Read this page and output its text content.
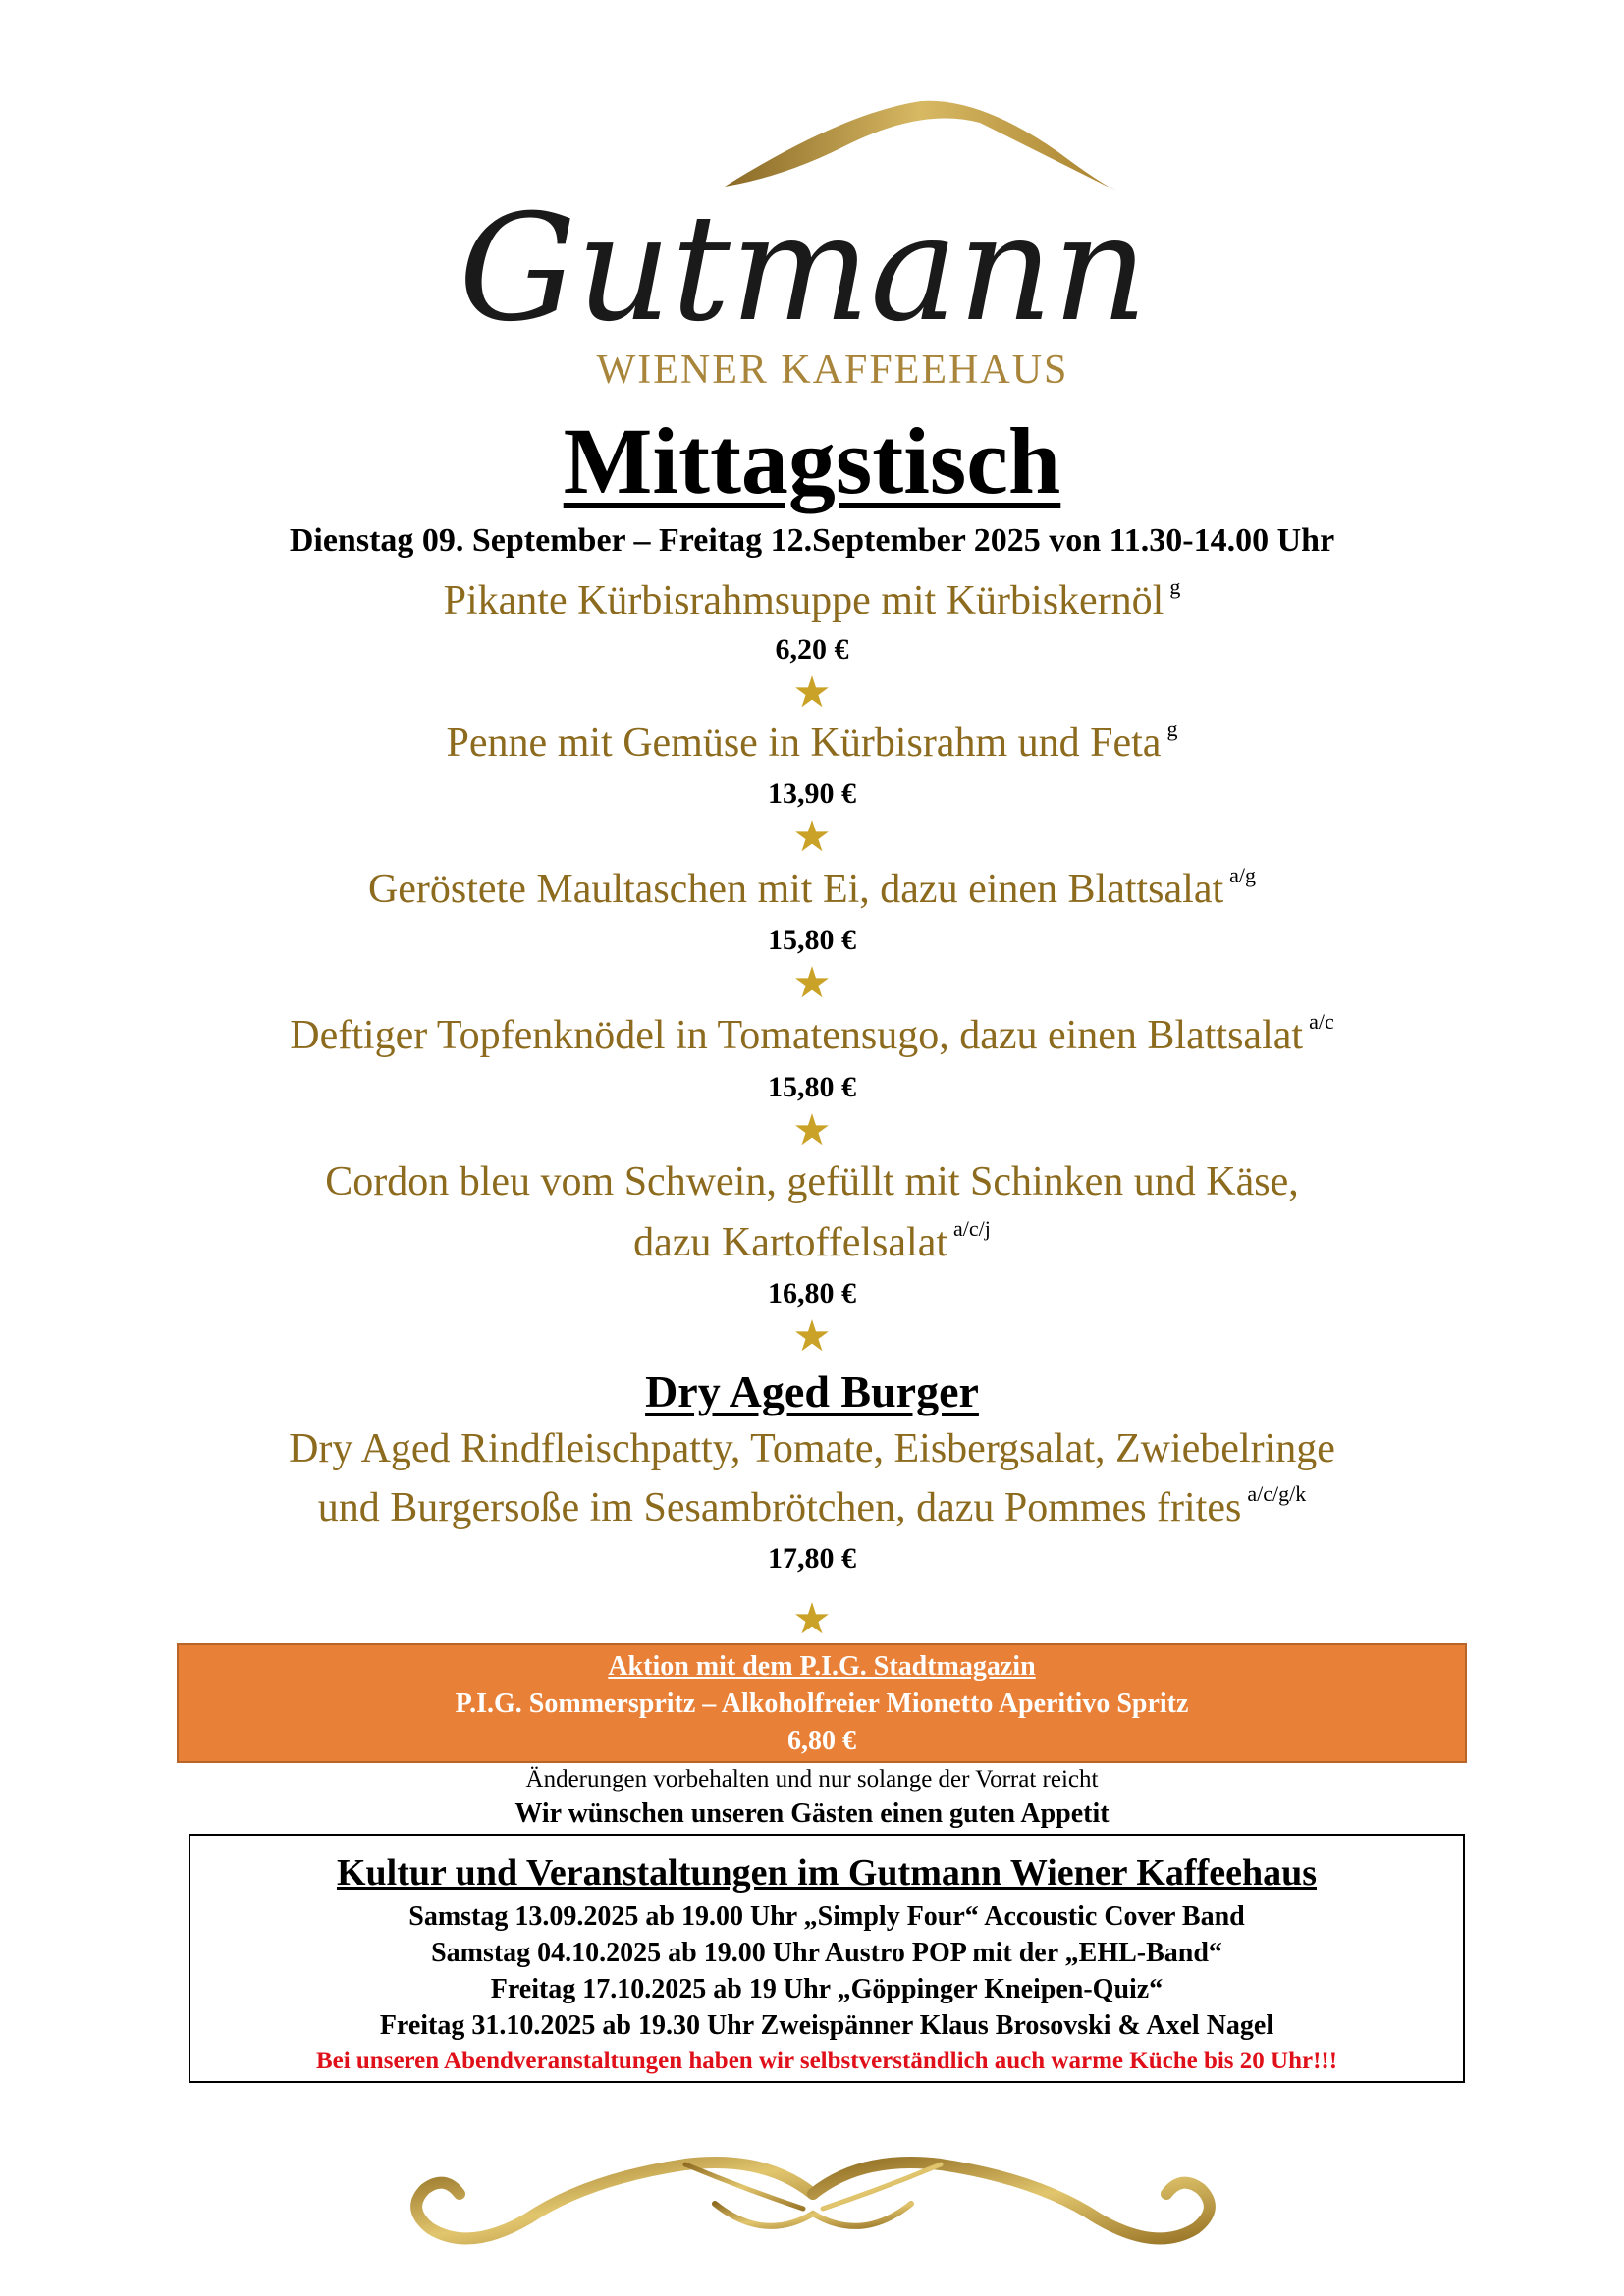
Gutmann
WIENER KAFFEEHAUS
Mittagstisch
Dienstag 09. September – Freitag 12.September 2025 von 11.30-14.00 Uhr
Pikante Kürbisrahmsuppe mit Kürbiskernöl $^g$
6,20 €
★
Penne mit Gemüse in Kürbisrahm und Feta $^g$
13,90 €
★
Geröstete Maultaschen mit Ei, dazu einen Blattsalat $^{a/g}$
15,80 €
★
Deftiger Topfenknödel in Tomatensugo, dazu einen Blattsalat $^{a/c}$
15,80 €
★
Cordon bleu vom Schwein, gefüllt mit Schinken und Käse,
dazu Kartoffelsalat $^{a/c/j}$
16,80 €
★
Dry Aged Burger
Dry Aged Rindfleischpatty, Tomate, Eisbergsalat, Zwiebelringe
und Burgersoße im Sesambrötchen, dazu Pommes frites $^{a/c/g/k}$
17,80 €
★
Aktion mit dem P.I.G. Stadtmagazin
P.I.G. Sommerspritz – Alkoholfreier Mionetto Aperitivo Spritz
6,80 €
Änderungen vorbehalten und nur solange der Vorrat reicht
Wir wünschen unseren Gästen einen guten Appetit
Kultur und Veranstaltungen im Gutmann Wiener Kaffeehaus
Samstag 13.09.2025 ab 19.00 Uhr „Simply Four“ Accoustic Cover Band
Samstag 04.10.2025 ab 19.00 Uhr Austro POP mit der „EHL-Band“
Freitag 17.10.2025 ab 19 Uhr „Göppinger Kneipen-Quiz“
Freitag 31.10.2025 ab 19.30 Uhr Zweispänner Klaus Brosovski & Axel Nagel
Bei unseren Abendveranstaltungen haben wir selbstverständlich auch warme Küche bis 20 Uhr!!!
